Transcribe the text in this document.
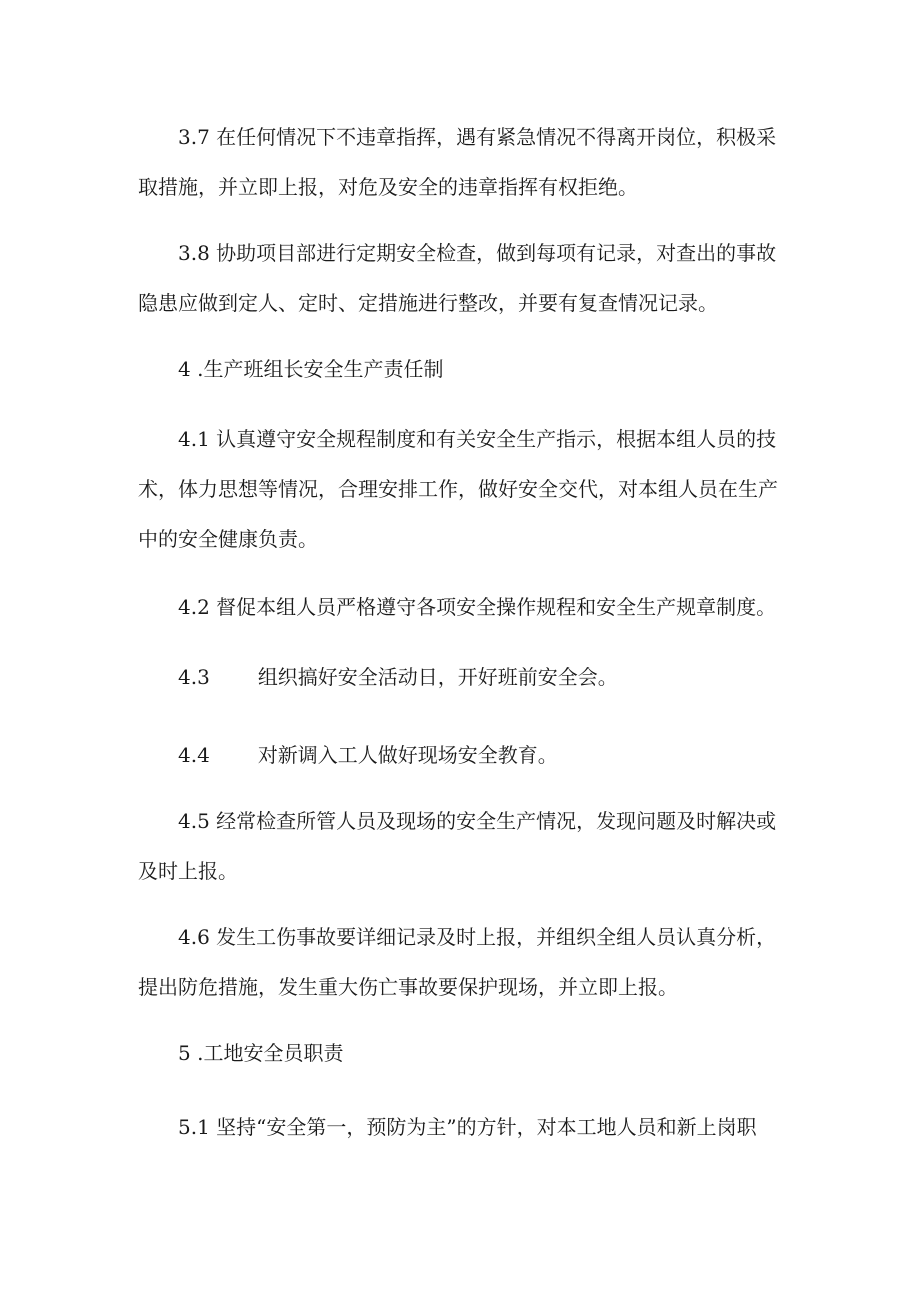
3.7 在任何情况下不违章指挥，遇有紧急情况不得离开岗位，积极采
取措施，并立即上报，对危及安全的违章指挥有权拒绝。

3.8 协助项目部进行定期安全检查，做到每项有记录，对查出的事故
隐患应做到定人、定时、定措施进行整改，并要有复查情况记录。

4 .生产班组长安全生产责任制

4.1 认真遵守安全规程制度和有关安全生产指示，根据本组人员的技
术，体力思想等情况，合理安排工作，做好安全交代，对本组人员在生产
中的安全健康负责。

4.2 督促本组人员严格遵守各项安全操作规程和安全生产规章制度。

4.3 组织搞好安全活动日，开好班前安全会。

4.4 对新调入工人做好现场安全教育。

4.5 经常检查所管人员及现场的安全生产情况，发现问题及时解决或
及时上报。

4.6 发生工伤事故要详细记录及时上报，并组织全组人员认真分析，
提出防危措施，发生重大伤亡事故要保护现场，并立即上报。

5 .工地安全员职责

5.1 坚持“安全第一，预防为主”的方针，对本工地人员和新上岗职
